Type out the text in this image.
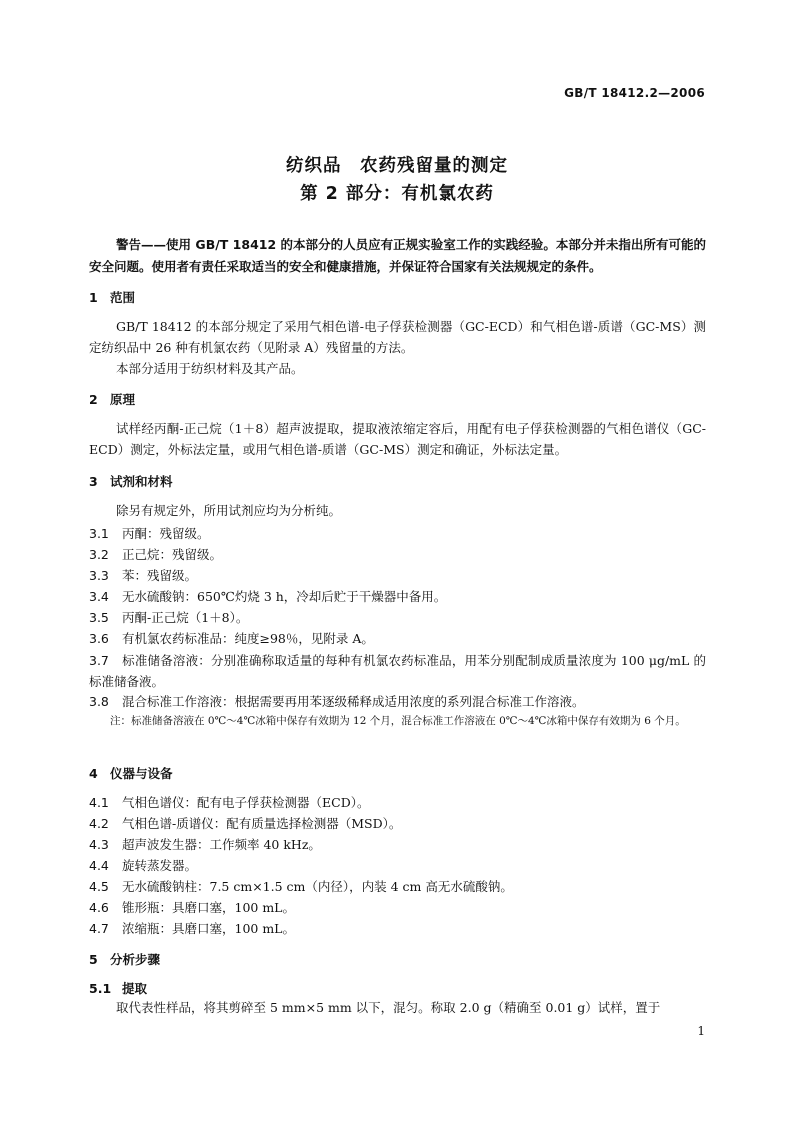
GB/T 18412.2—2006
纺织品　农药残留量的测定
第 2 部分：有机氯农药
警告——使用 GB/T 18412 的本部分的人员应有正规实验室工作的实践经验。本部分并未指出所有可能的安全问题。使用者有责任采取适当的安全和健康措施，并保证符合国家有关法规规定的条件。
1 范围
GB/T 18412 的本部分规定了采用气相色谱-电子俘获检测器（GC-ECD）和气相色谱-质谱（GC-MS）测定纺织品中 26 种有机氯农药（见附录 A）残留量的方法。
本部分适用于纺织材料及其产品。
2 原理
试样经丙酮-正己烷（1＋8）超声波提取，提取液浓缩定容后，用配有电子俘获检测器的气相色谱仪（GC-ECD）测定，外标法定量，或用气相色谱-质谱（GC-MS）测定和确证，外标法定量。
3 试剂和材料
除另有规定外，所用试剂应均为分析纯。
3.1 丙酮：残留级。
3.2 正己烷：残留级。
3.3 苯：残留级。
3.4 无水硫酸钠：650℃灼烧 3 h，冷却后贮于干燥器中备用。
3.5 丙酮-正己烷（1＋8）。
3.6 有机氯农药标准品：纯度≥98％，见附录 A。
3.7 标准储备溶液：分别准确称取适量的每种有机氯农药标准品，用苯分别配制成质量浓度为 100 μg/mL 的标准储备液。
3.8 混合标准工作溶液：根据需要再用苯逐级稀释成适用浓度的系列混合标准工作溶液。
注：标准储备溶液在 0℃～4℃冰箱中保存有效期为 12 个月，混合标准工作溶液在 0℃～4℃冰箱中保存有效期为 6 个月。
4 仪器与设备
4.1 气相色谱仪：配有电子俘获检测器（ECD）。
4.2 气相色谱-质谱仪：配有质量选择检测器（MSD）。
4.3 超声波发生器：工作频率 40 kHz。
4.4 旋转蒸发器。
4.5 无水硫酸钠柱：7.5 cm×1.5 cm（内径），内装 4 cm 高无水硫酸钠。
4.6 锥形瓶：具磨口塞，100 mL。
4.7 浓缩瓶：具磨口塞，100 mL。
5 分析步骤
5.1 提取
取代表性样品，将其剪碎至 5 mm×5 mm 以下，混匀。称取 2.0 g（精确至 0.01 g）试样，置于
1
